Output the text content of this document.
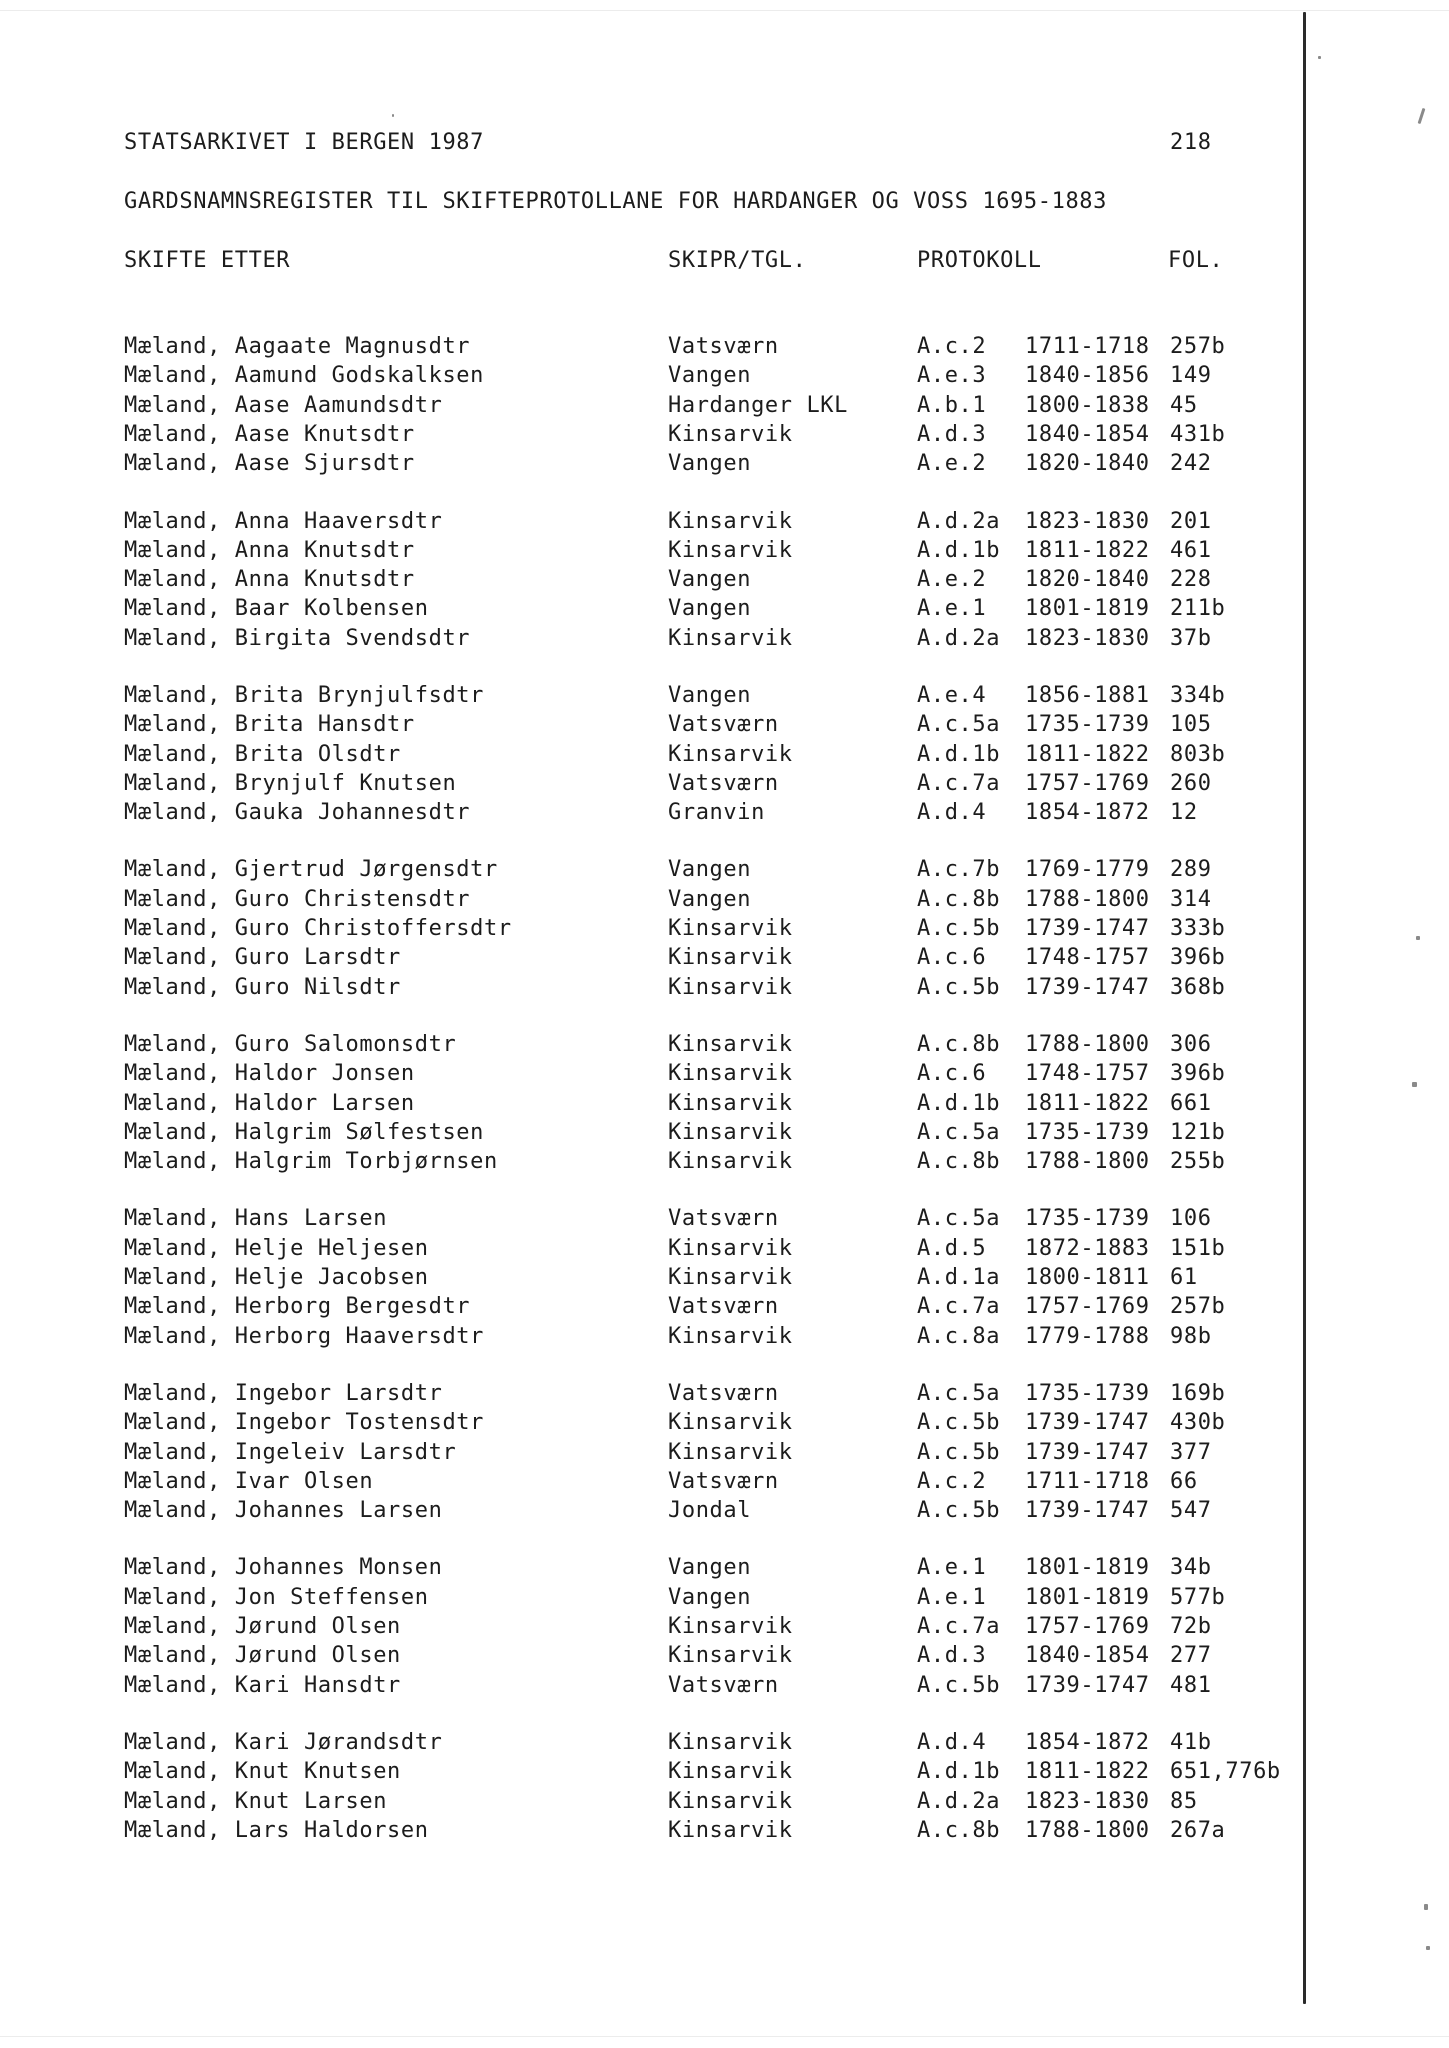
STATSARKIVET I BERGEN 1987	218
GARDSNAMNSREGISTER TIL SKIFTEPROTOLLANE FOR HARDANGER OG VOSS 1695-1883
SKIFTE ETTER	SKIPR/TGL.	PROTOKOLL	FOL.
Mæland, Aagaate Magnusdtr	Vatsværn	A.c.2 1711-1718 257b
Mæland, Aamund Godskalksen	Vangen	A.e.3 1840-1856 149
Mæland, Aase Aamundsdtr	Hardanger LKL	A.b.1 1800-1838 45
Mæland, Aase Knutsdtr	Kinsarvik	A.d.3 1840-1854 431b
Mæland, Aase Sjursdtr	Vangen	A.e.2 1820-1840 242
Mæland, Anna Haaversdtr	Kinsarvik	A.d.2a 1823-1830 201
Mæland, Anna Knutsdtr	Kinsarvik	A.d.1b 1811-1822 461
Mæland, Anna Knutsdtr	Vangen	A.e.2 1820-1840 228
Mæland, Baar Kolbensen	Vangen	A.e.1 1801-1819 211b
Mæland, Birgita Svendsdtr	Kinsarvik	A.d.2a 1823-1830 37b
Mæland, Brita Brynjulfsdtr	Vangen	A.e.4 1856-1881 334b
Mæland, Brita Hansdtr	Vatsværn	A.c.5a 1735-1739 105
Mæland, Brita Olsdtr	Kinsarvik	A.d.1b 1811-1822 803b
Mæland, Brynjulf Knutsen	Vatsværn	A.c.7a 1757-1769 260
Mæland, Gauka Johannesdtr	Granvin	A.d.4 1854-1872 12
Mæland, Gjertrud Jørgensdtr	Vangen	A.c.7b 1769-1779 289
Mæland, Guro Christensdtr	Vangen	A.c.8b 1788-1800 314
Mæland, Guro Christoffersdtr	Kinsarvik	A.c.5b 1739-1747 333b
Mæland, Guro Larsdtr	Kinsarvik	A.c.6 1748-1757 396b
Mæland, Guro Nilsdtr	Kinsarvik	A.c.5b 1739-1747 368b
Mæland, Guro Salomonsdtr	Kinsarvik	A.c.8b 1788-1800 306
Mæland, Haldor Jonsen	Kinsarvik	A.c.6 1748-1757 396b
Mæland, Haldor Larsen	Kinsarvik	A.d.1b 1811-1822 661
Mæland, Halgrim Sølfestsen	Kinsarvik	A.c.5a 1735-1739 121b
Mæland, Halgrim Torbjørnsen	Kinsarvik	A.c.8b 1788-1800 255b
Mæland, Hans Larsen	Vatsværn	A.c.5a 1735-1739 106
Mæland, Helje Heljesen	Kinsarvik	A.d.5 1872-1883 151b
Mæland, Helje Jacobsen	Kinsarvik	A.d.1a 1800-1811 61
Mæland, Herborg Bergesdtr	Vatsværn	A.c.7a 1757-1769 257b
Mæland, Herborg Haaversdtr	Kinsarvik	A.c.8a 1779-1788 98b
Mæland, Ingebor Larsdtr	Vatsværn	A.c.5a 1735-1739 169b
Mæland, Ingebor Tostensdtr	Kinsarvik	A.c.5b 1739-1747 430b
Mæland, Ingeleiv Larsdtr	Kinsarvik	A.c.5b 1739-1747 377
Mæland, Ivar Olsen	Vatsværn	A.c.2 1711-1718 66
Mæland, Johannes Larsen	Jondal	A.c.5b 1739-1747 547
Mæland, Johannes Monsen	Vangen	A.e.1 1801-1819 34b
Mæland, Jon Steffensen	Vangen	A.e.1 1801-1819 577b
Mæland, Jørund Olsen	Kinsarvik	A.c.7a 1757-1769 72b
Mæland, Jørund Olsen	Kinsarvik	A.d.3 1840-1854 277
Mæland, Kari Hansdtr	Vatsværn	A.c.5b 1739-1747 481
Mæland, Kari Jørandsdtr	Kinsarvik	A.d.4 1854-1872 41b
Mæland, Knut Knutsen	Kinsarvik	A.d.1b 1811-1822 651,776b
Mæland, Knut Larsen	Kinsarvik	A.d.2a 1823-1830 85
Mæland, Lars Haldorsen	Kinsarvik	A.c.8b 1788-1800 267a
